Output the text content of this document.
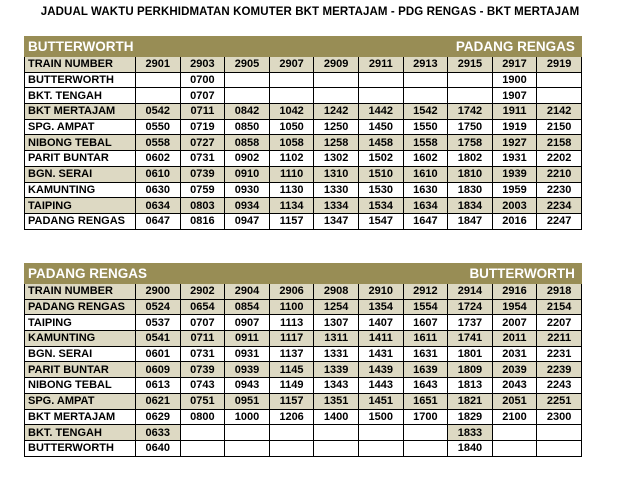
JADUAL WAKTU PERKHIDMATAN KOMUTER BKT MERTAJAM - PDG RENGAS - BKT MERTAJAM
BUTTERWORTH						PADANG RENGAS				
TRAIN NUMBER	2901	2903	2905	2907	2909	2911	2913	2915	2917	2919
BUTTERWORTH		0700							1900	
BKT. TENGAH		0707							1907	
BKT MERTAJAM	0542	0711	0842	1042	1242	1442	1542	1742	1911	2142
SPG. AMPAT	0550	0719	0850	1050	1250	1450	1550	1750	1919	2150
NIBONG TEBAL	0558	0727	0858	1058	1258	1458	1558	1758	1927	2158
PARIT BUNTAR	0602	0731	0902	1102	1302	1502	1602	1802	1931	2202
BGN. SERAI	0610	0739	0910	1110	1310	1510	1610	1810	1939	2210
KAMUNTING	0630	0759	0930	1130	1330	1530	1630	1830	1959	2230
TAIPING	0634	0803	0934	1134	1334	1534	1634	1834	2003	2234
PADANG RENGAS	0647	0816	0947	1157	1347	1547	1647	1847	2016	2247
PADANG RENGAS						BUTTERWORTH				
TRAIN NUMBER	2900	2902	2904	2906	2908	2910	2912	2914	2916	2918
PADANG RENGAS	0524	0654	0854	1100	1254	1354	1554	1724	1954	2154
TAIPING	0537	0707	0907	1113	1307	1407	1607	1737	2007	2207
KAMUNTING	0541	0711	0911	1117	1311	1411	1611	1741	2011	2211
BGN. SERAI	0601	0731	0931	1137	1331	1431	1631	1801	2031	2231
PARIT BUNTAR	0609	0739	0939	1145	1339	1439	1639	1809	2039	2239
NIBONG TEBAL	0613	0743	0943	1149	1343	1443	1643	1813	2043	2243
SPG. AMPAT	0621	0751	0951	1157	1351	1451	1651	1821	2051	2251
BKT MERTAJAM	0629	0800	1000	1206	1400	1500	1700	1829	2100	2300
BKT. TENGAH	0633							1833		
BUTTERWORTH	0640							1840		
